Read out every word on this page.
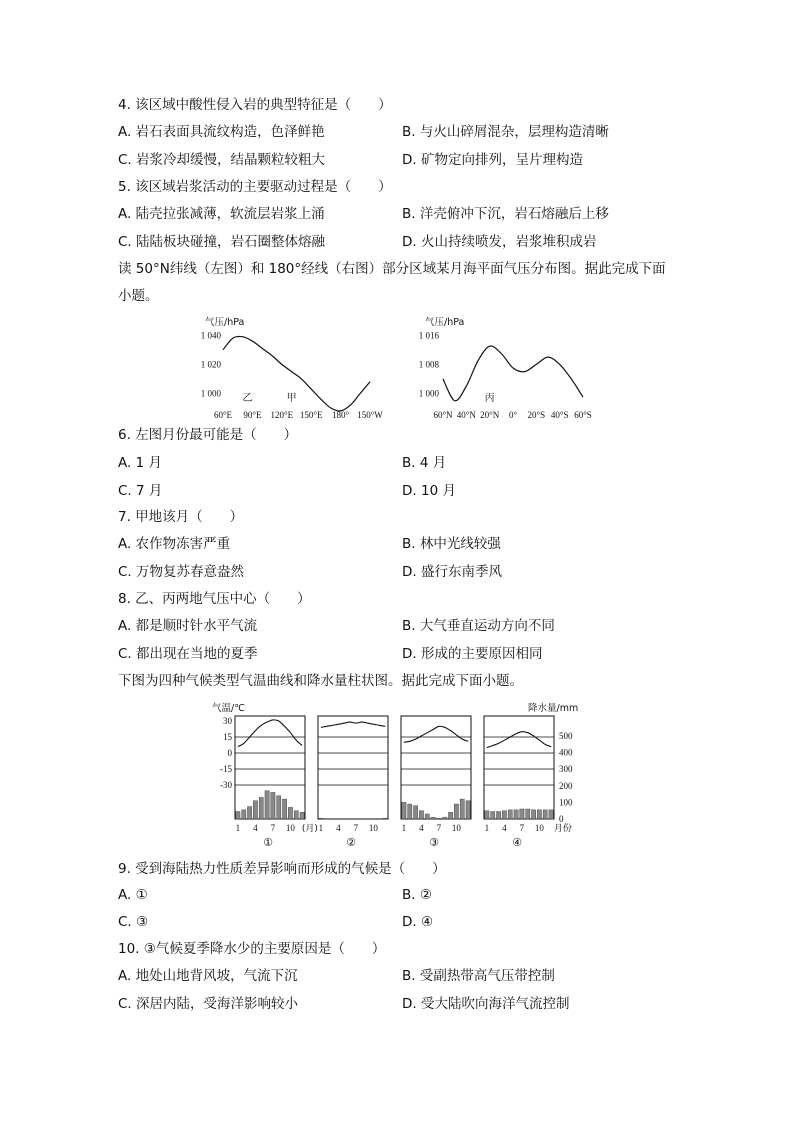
4. 该区域中酸性侵入岩的典型特征是（　　）
A. 岩石表面具流纹构造，色泽鲜艳	B. 与火山碎屑混杂，层理构造清晰
C. 岩浆冷却缓慢，结晶颗粒较粗大	D. 矿物定向排列，呈片理构造
5. 该区域岩浆活动的主要驱动过程是（　　）
A. 陆壳拉张减薄，软流层岩浆上涌	B. 洋壳俯冲下沉，岩石熔融后上移
C. 陆陆板块碰撞，岩石圈整体熔融	D. 火山持续喷发，岩浆堆积成岩
读 50°N纬线（左图）和 180°经线（右图）部分区域某月海平面气压分布图。据此完成下面
小题。
气压/hPa
1 040
1 020
1 000
60°E 90°E 120°E 150°E 180° 150°W
乙	甲
气压/hPa
1 016
1 008
1 000
60°N 40°N 20°N 0° 20°S 40°S 60°S
丙
6. 左图月份最可能是（　　）
A. 1 月	B. 4 月
C. 7 月	D. 10 月
7. 甲地该月（　　）
A. 农作物冻害严重	B. 林中光线较强
C. 万物复苏春意盎然	D. 盛行东南季风
8. 乙、丙两地气压中心（　　）
A. 都是顺时针水平气流	B. 大气垂直运动方向不同
C. 都出现在当地的夏季	D. 形成的主要原因相同
下图为四种气候类型气温曲线和降水量柱状图。据此完成下面小题。
气温/℃	降水量/mm
30
15
0
-15
-30
500
400
300
200
100
0
1 4 7 10 (月)
①
1 4 7 10
②
1 4 7 10
③
1 4 7 10 月份
④
9. 受到海陆热力性质差异影响而形成的气候是（　　）
A. ①	B. ②
C. ③	D. ④
10. ③气候夏季降水少的主要原因是（　　）
A. 地处山地背风坡，气流下沉	B. 受副热带高气压带控制
C. 深居内陆，受海洋影响较小	D. 受大陆吹向海洋气流控制
